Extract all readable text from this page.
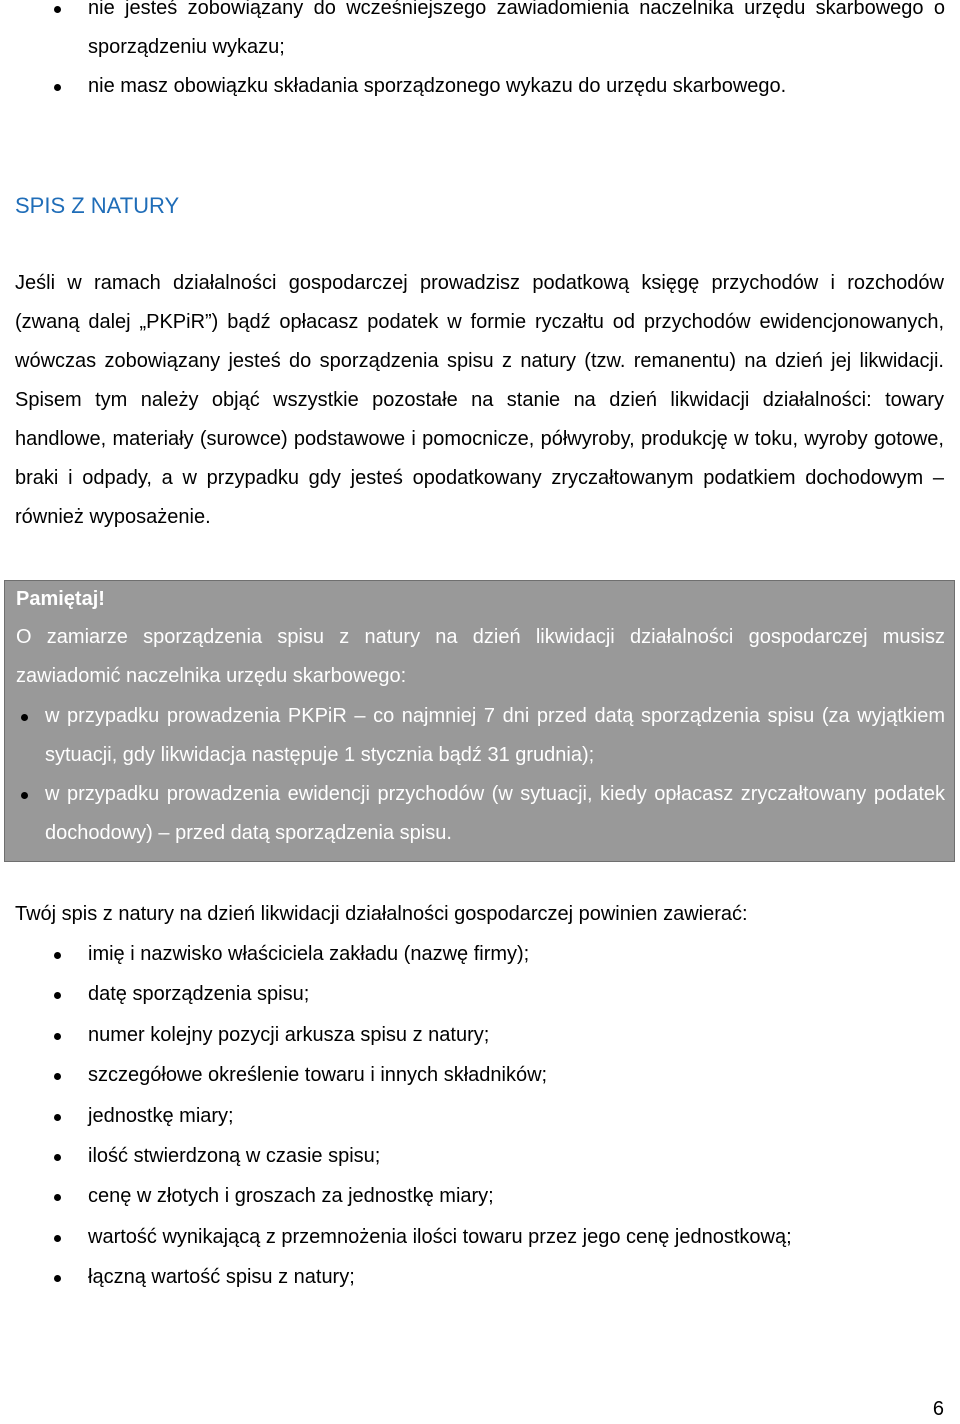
nie jesteś zobowiązany do wcześniejszego zawiadomienia naczelnika urzędu skarbowego o sporządzeniu wykazu;
nie masz obowiązku składania sporządzonego wykazu do urzędu skarbowego.
SPIS Z NATURY

Jeśli w ramach działalności gospodarczej prowadzisz podatkową księgę przychodów i rozchodów (zwaną dalej „PKPiR”) bądź opłacasz podatek w formie ryczałtu od przychodów ewidencjonowanych, wówczas zobowiązany jesteś do sporządzenia spisu z natury (tzw. remanentu) na dzień jej likwidacji. Spisem tym należy objąć wszystkie pozostałe na stanie na dzień likwidacji działalności: towary handlowe, materiały (surowce) podstawowe i pomocnicze, półwyroby, produkcję w toku, wyroby gotowe, braki i odpady, a w przypadku gdy jesteś opodatkowany zryczałtowanym podatkiem dochodowym – również wyposażenie.

Pamiętaj!

O zamiarze sporządzenia spisu z natury na dzień likwidacji działalności gospodarczej musisz zawiadomić naczelnika urzędu skarbowego:

w przypadku prowadzenia PKPiR – co najmniej 7 dni przed datą sporządzenia spisu (za wyjątkiem sytuacji, gdy likwidacja następuje 1 stycznia bądź 31 grudnia);
w przypadku prowadzenia ewidencji przychodów (w sytuacji, kiedy opłacasz zryczałtowany podatek dochodowy) – przed datą sporządzenia spisu.

Twój spis z natury na dzień likwidacji działalności gospodarczej powinien zawierać:

imię i nazwisko właściciela zakładu (nazwę firmy);
datę sporządzenia spisu;
numer kolejny pozycji arkusza spisu z natury;
szczegółowe określenie towaru i innych składników;
jednostkę miary;
ilość stwierdzoną w czasie spisu;
cenę w złotych i groszach za jednostkę miary;
wartość wynikającą z przemnożenia ilości towaru przez jego cenę jednostkową;
łączną wartość spisu z natury;
6
